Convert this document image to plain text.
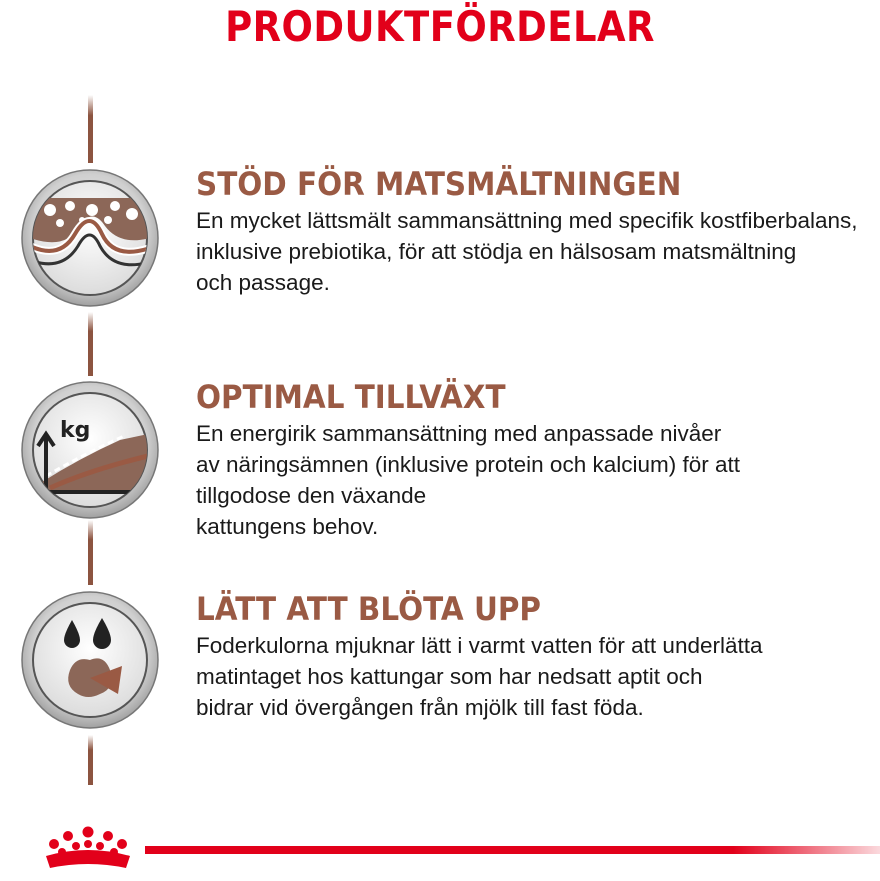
PRODUKTFÖRDELAR
STÖD FÖR MATSMÄLTNINGEN

En mycket lättsmält sammansättning med specifik kostfiberbalans,
inklusive prebiotika, för att stödja en hälsosam matsmältning
och passage.

kg
OPTIMAL TILLVÄXT

En energirik sammansättning med anpassade nivåer
av näringsämnen (inklusive protein och kalcium) för att
tillgodose den växande
kattungens behov.

LÄTT ATT BLÖTA UPP

Foderkulorna mjuknar lätt i varmt vatten för att underlätta
matintaget hos kattungar som har nedsatt aptit och
bidrar vid övergången från mjölk till fast föda.
